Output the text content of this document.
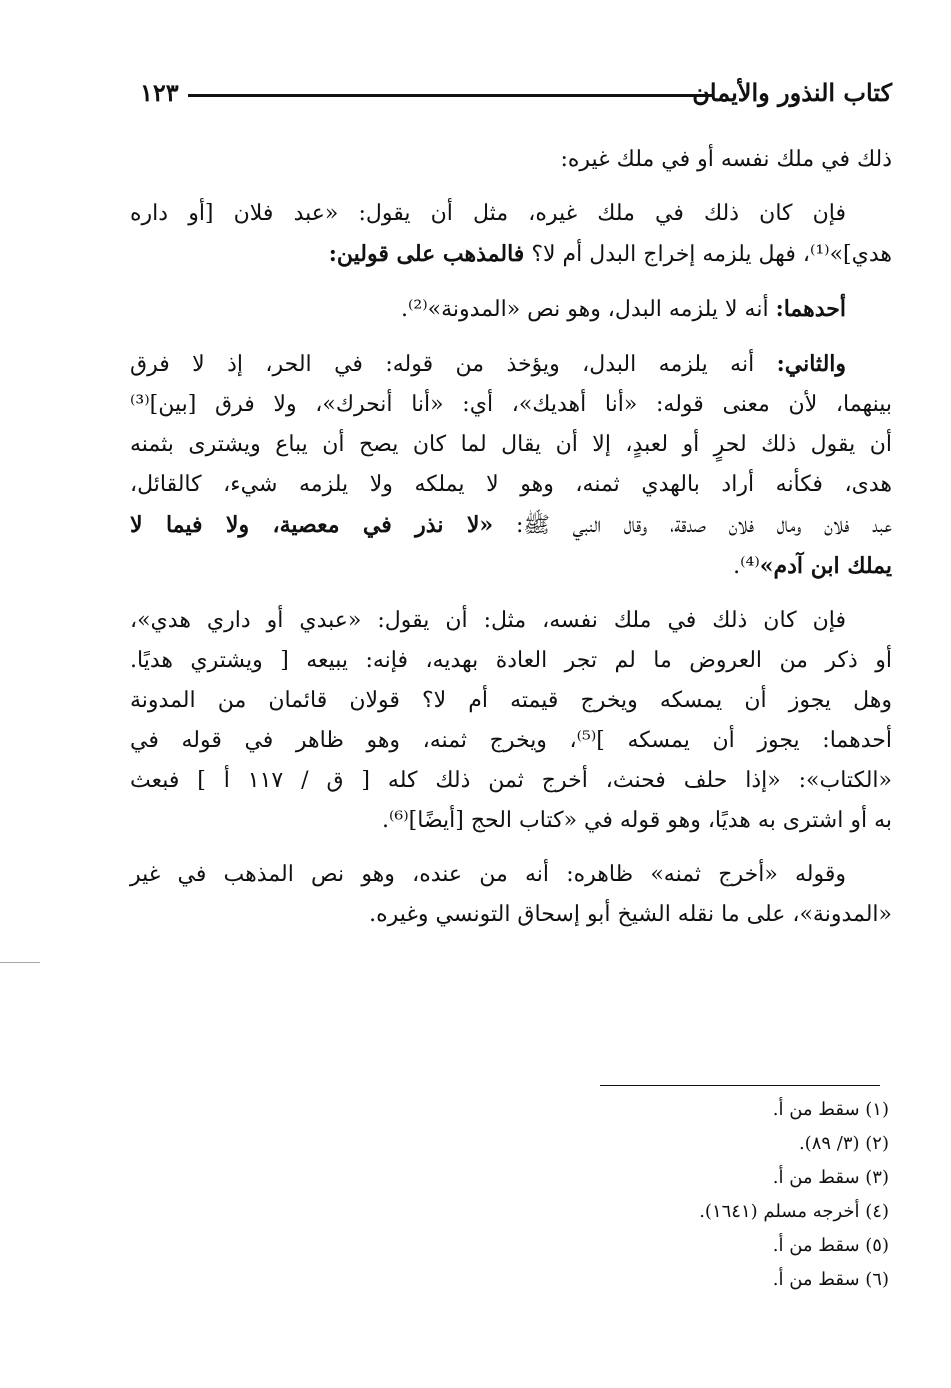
كتاب النذور والأيمان
١٢٣
ذلك في ملك نفسه أو في ملك غيره:
فإن كان ذلك في ملك غيره، مثل أن يقول: «عبد فلان [أو داره
هدي]»⁽¹⁾، فهل يلزمه إخراج البدل أم لا؟ فالمذهب على قولين:
أحدهما: أنه لا يلزمه البدل، وهو نص «المدونة»⁽²⁾.
والثاني: أنه يلزمه البدل، ويؤخذ من قوله: في الحر، إذ لا فرق
بينهما، لأن معنى قوله: «أنا أهديك»، أي: «أنا أنحرك»، ولا فرق [بين]⁽³⁾
أن يقول ذلك لحرٍ أو لعبدٍ، إلا أن يقال لما كان يصح أن يباع ويشترى بثمنه
هدى، فكأنه أراد بالهدي ثمنه، وهو لا يملكه ولا يلزمه شيء، كالقائل،
عبد فلان ومال فلان صدقة، وقال النبي ﷺ: «لا نذر في معصية، ولا فيما لا
يملك ابن آدم»⁽⁴⁾.
فإن كان ذلك في ملك نفسه، مثل: أن يقول: «عبدي أو داري هدي»،
أو ذكر من العروض ما لم تجر العادة بهديه، فإنه: يبيعه [ ويشتري هديًا.
وهل يجوز أن يمسكه ويخرج قيمته أم لا؟ قولان قائمان من المدونة
أحدهما: يجوز أن يمسكه ]⁽⁵⁾، ويخرج ثمنه، وهو ظاهر في قوله في
«الكتاب»: «إذا حلف فحنث، أخرج ثمن ذلك كله [ ق / ١١٧ أ ] فبعث
به أو اشترى به هديًا، وهو قوله في «كتاب الحج [أيضًا]⁽⁶⁾.
وقوله «أخرج ثمنه» ظاهره: أنه من عنده، وهو نص المذهب في غير
«المدونة»، على ما نقله الشيخ أبو إسحاق التونسي وغيره.
(١) سقط من أ.
(٢) (٣/ ٨٩).
(٣) سقط من أ.
(٤) أخرجه مسلم (١٦٤١).
(٥) سقط من أ.
(٦) سقط من أ.
